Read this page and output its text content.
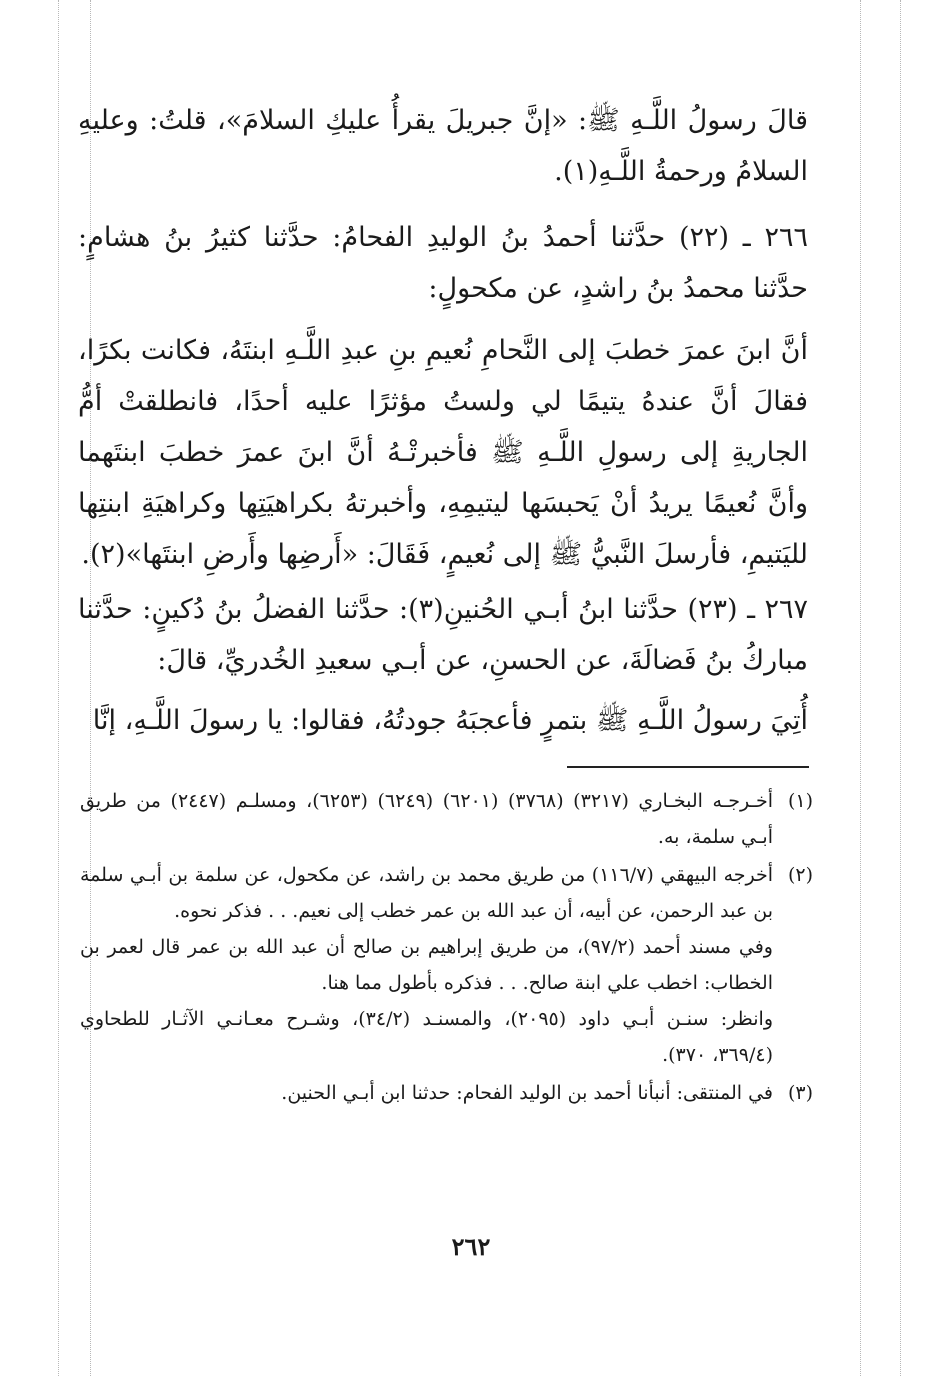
قالَ رسولُ اللَّـهِ ﷺ: «إنَّ جبريلَ يقرأُ عليكِ السلامَ»، قلتُ: وعليهِ السلامُ ورحمةُ اللَّـهِ(١).

٢٦٦ ـ (٢٢) حدَّثنا أحمدُ بنُ الوليدِ الفحامُ: حدَّثنا كثيرُ بنُ هشامٍ: حدَّثنا محمدُ بنُ راشدٍ، عن مكحولٍ:

أنَّ ابنَ عمرَ خطبَ إلى النَّحامِ نُعيمِ بنِ عبدِ اللَّـهِ ابنتَهُ، فكانت بكرًا، فقالَ أنَّ عندهُ يتيمًا لي ولستُ مؤثرًا عليه أحدًا، فانطلقتْ أمُّ الجاريةِ إلى رسولِ اللَّـهِ ﷺ فأخبرتْـهُ أنَّ ابنَ عمرَ خطبَ ابنتَهما وأنَّ نُعيمًا يريدُ أنْ يَحبسَها ليتيمِهِ، وأخبرتهُ بكراهيَتِها وكراهيَةِ ابنتِها لليَتيمِ، فأرسلَ النَّبيُّ ﷺ إلى نُعيمٍ، فَقَالَ: «أَرضِها وأَرضِ ابنتَها»(٢).

٢٦٧ ـ (٢٣) حدَّثنا ابنُ أبـي الحُنينِ(٣): حدَّثنا الفضلُ بنُ دُكينٍ: حدَّثنا مباركُ بنُ فَضالَةَ، عن الحسنِ، عن أبـي سعيدِ الخُدريِّ، قالَ:

أُتِيَ رسولُ اللَّـهِ ﷺ بتمرٍ فأعجبَهُ جودتُهُ، فقالوا: يا رسولَ اللَّـهِ، إنَّا

(١)
أخـرجـه البخـاري (٣٢١٧) (٣٧٦٨) (٦٢٠١) (٦٢٤٩) (٦٢٥٣)، ومسلـم (٢٤٤٧) من طريق أبـي سلمة، به.
(٢)
أخرجه البيهقي (١١٦/٧) من طريق محمد بن راشد، عن مكحول، عن سلمة بن أبـي سلمة بن عبد الرحمن، عن أبيه، أن عبد الله بن عمر خطب إلى نعيم. . . فذكر نحوه.
وفي مسند أحمد (٩٧/٢)، من طريق إبراهيم بن صالح أن عبد الله بن عمر قال لعمر بن الخطاب: اخطب علي ابنة صالح. . . فذكره بأطول مما هنا.
وانظر: سنـن أبـي داود (٢٠٩٥)، والمسنـد (٣٤/٢)، وشـرح معـانـي الآثـار للطحاوي (٣٦٩/٤، ٣٧٠).
(٣)
في المنتقى: أنبأنا أحمد بن الوليد الفحام: حدثنا ابن أبـي الحنين.
٢٦٢
